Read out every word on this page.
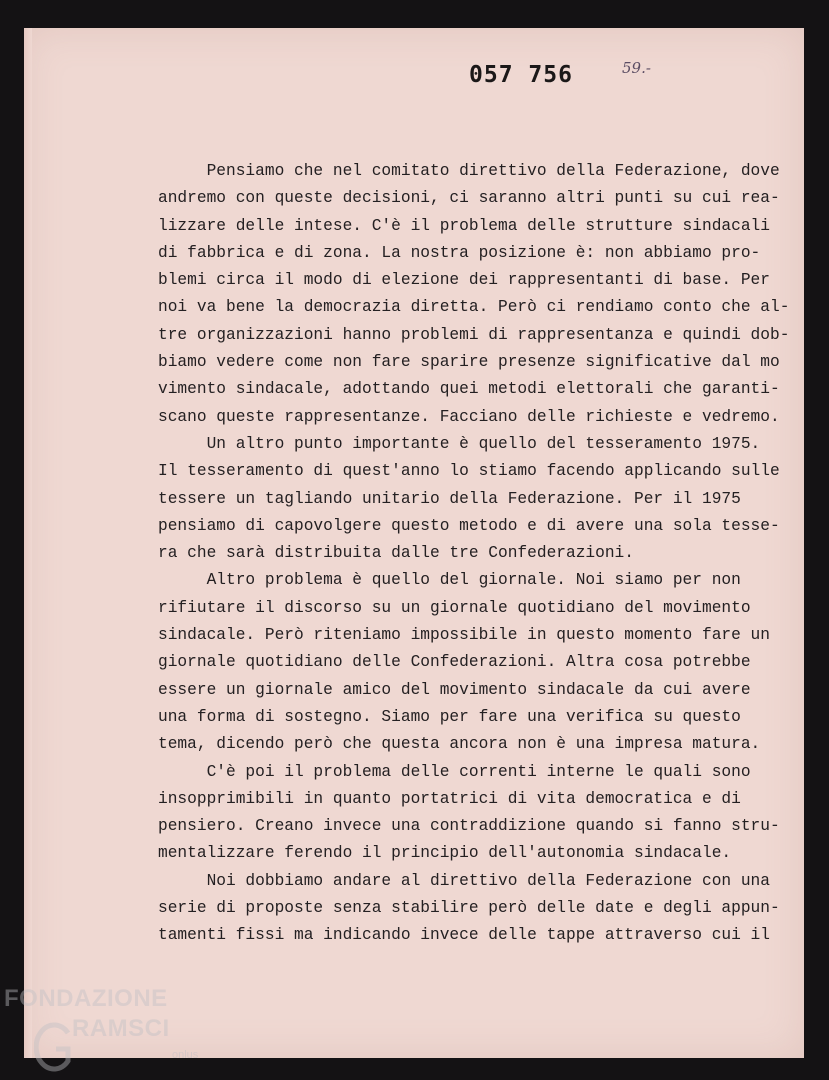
057 756	59.-
Pensiamo che nel comitato direttivo della Federazione, dove
andremo con queste decisioni, ci saranno altri punti su cui rea-
lizzare delle intese. C'è il problema delle strutture sindacali
di fabbrica e di zona. La nostra posizione è: non abbiamo pro-
blemi circa il modo di elezione dei rappresentanti di base. Per
noi va bene la democrazia diretta. Però ci rendiamo conto che al-
tre organizzazioni hanno problemi di rappresentanza e quindi dob-
biamo vedere come non fare sparire presenze significative dal mo
vimento sindacale, adottando quei metodi elettorali che garanti-
scano queste rappresentanze. Facciano delle richieste e vedremo.
Un altro punto importante è quello del tesseramento 1975.
Il tesseramento di quest'anno lo stiamo facendo applicando sulle
tessere un tagliando unitario della Federazione. Per il 1975
pensiamo di capovolgere questo metodo e di avere una sola tesse-
ra che sarà distribuita dalle tre Confederazioni.
Altro problema è quello del giornale. Noi siamo per non
rifiutare il discorso su un giornale quotidiano del movimento
sindacale. Però riteniamo impossibile in questo momento fare un
giornale quotidiano delle Confederazioni. Altra cosa potrebbe
essere un giornale amico del movimento sindacale da cui avere
una forma di sostegno. Siamo per fare una verifica su questo
tema, dicendo però che questa ancora non è una impresa matura.
C'è poi il problema delle correnti interne le quali sono
insopprimibili in quanto portatrici di vita democratica e di
pensiero. Creano invece una contraddizione quando si fanno stru-
mentalizzare ferendo il principio dell'autonomia sindacale.
Noi dobbiamo andare al direttivo della Federazione con una
serie di proposte senza stabilire però delle date e degli appun-
tamenti fissi ma indicando invece delle tappe attraverso cui il
FONDAZIONE
RAMSCI
onlus
